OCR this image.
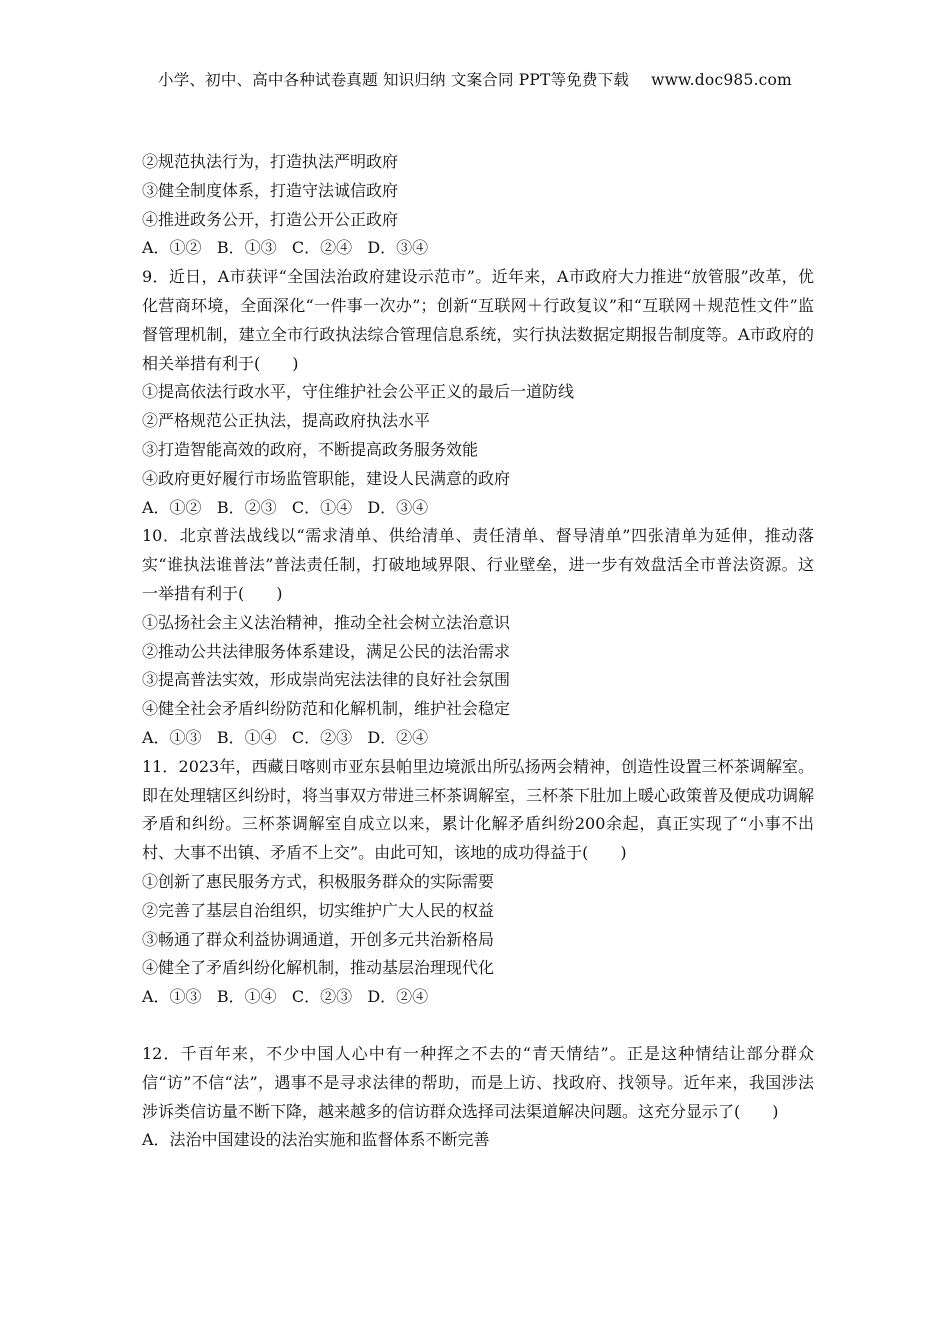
小学、初中、高中各种试卷真题 知识归纳 文案合同 PPT等免费下载 www.doc985.com
②规范执法行为，打造执法严明政府
③健全制度体系，打造守法诚信政府
④推进政务公开，打造公开公正政府
A．①②   B．①③   C．②④   D．③④
9．近日，A市获评“全国法治政府建设示范市”。近年来，A市政府大力推进“放管服”改革，优化营商环境，全面深化“一件事一次办”；创新“互联网＋行政复议”和“互联网＋规范性文件”监督管理机制，建立全市行政执法综合管理信息系统，实行执法数据定期报告制度等。A市政府的相关举措有利于(　　)
①提高依法行政水平，守住维护社会公平正义的最后一道防线
②严格规范公正执法，提高政府执法水平
③打造智能高效的政府，不断提高政务服务效能
④政府更好履行市场监管职能，建设人民满意的政府
A．①②   B．②③   C．①④   D．③④
10．北京普法战线以“需求清单、供给清单、责任清单、督导清单”四张清单为延伸，推动落实“谁执法谁普法”普法责任制，打破地域界限、行业壁垒，进一步有效盘活全市普法资源。这一举措有利于(　　)
①弘扬社会主义法治精神，推动全社会树立法治意识
②推动公共法律服务体系建设，满足公民的法治需求
③提高普法实效，形成崇尚宪法法律的良好社会氛围
④健全社会矛盾纠纷防范和化解机制，维护社会稳定
A．①③   B．①④   C．②③   D．②④
11．2023年，西藏日喀则市亚东县帕里边境派出所弘扬两会精神，创造性设置三杯茶调解室。即在处理辖区纠纷时，将当事双方带进三杯茶调解室，三杯茶下肚加上暖心政策普及便成功调解矛盾和纠纷。三杯茶调解室自成立以来，累计化解矛盾纠纷200余起，真正实现了“小事不出村、大事不出镇、矛盾不上交”。由此可知，该地的成功得益于(　　)
①创新了惠民服务方式，积极服务群众的实际需要
②完善了基层自治组织，切实维护广大人民的权益
③畅通了群众利益协调通道，开创多元共治新格局
④健全了矛盾纠纷化解机制，推动基层治理现代化
A．①③   B．①④   C．②③   D．②④
12．千百年来，不少中国人心中有一种挥之不去的“青天情结”。正是这种情结让部分群众信“访”不信“法”，遇事不是寻求法律的帮助，而是上访、找政府、找领导。近年来，我国涉法涉诉类信访量不断下降，越来越多的信访群众选择司法渠道解决问题。这充分显示了(　　)
A．法治中国建设的法治实施和监督体系不断完善
